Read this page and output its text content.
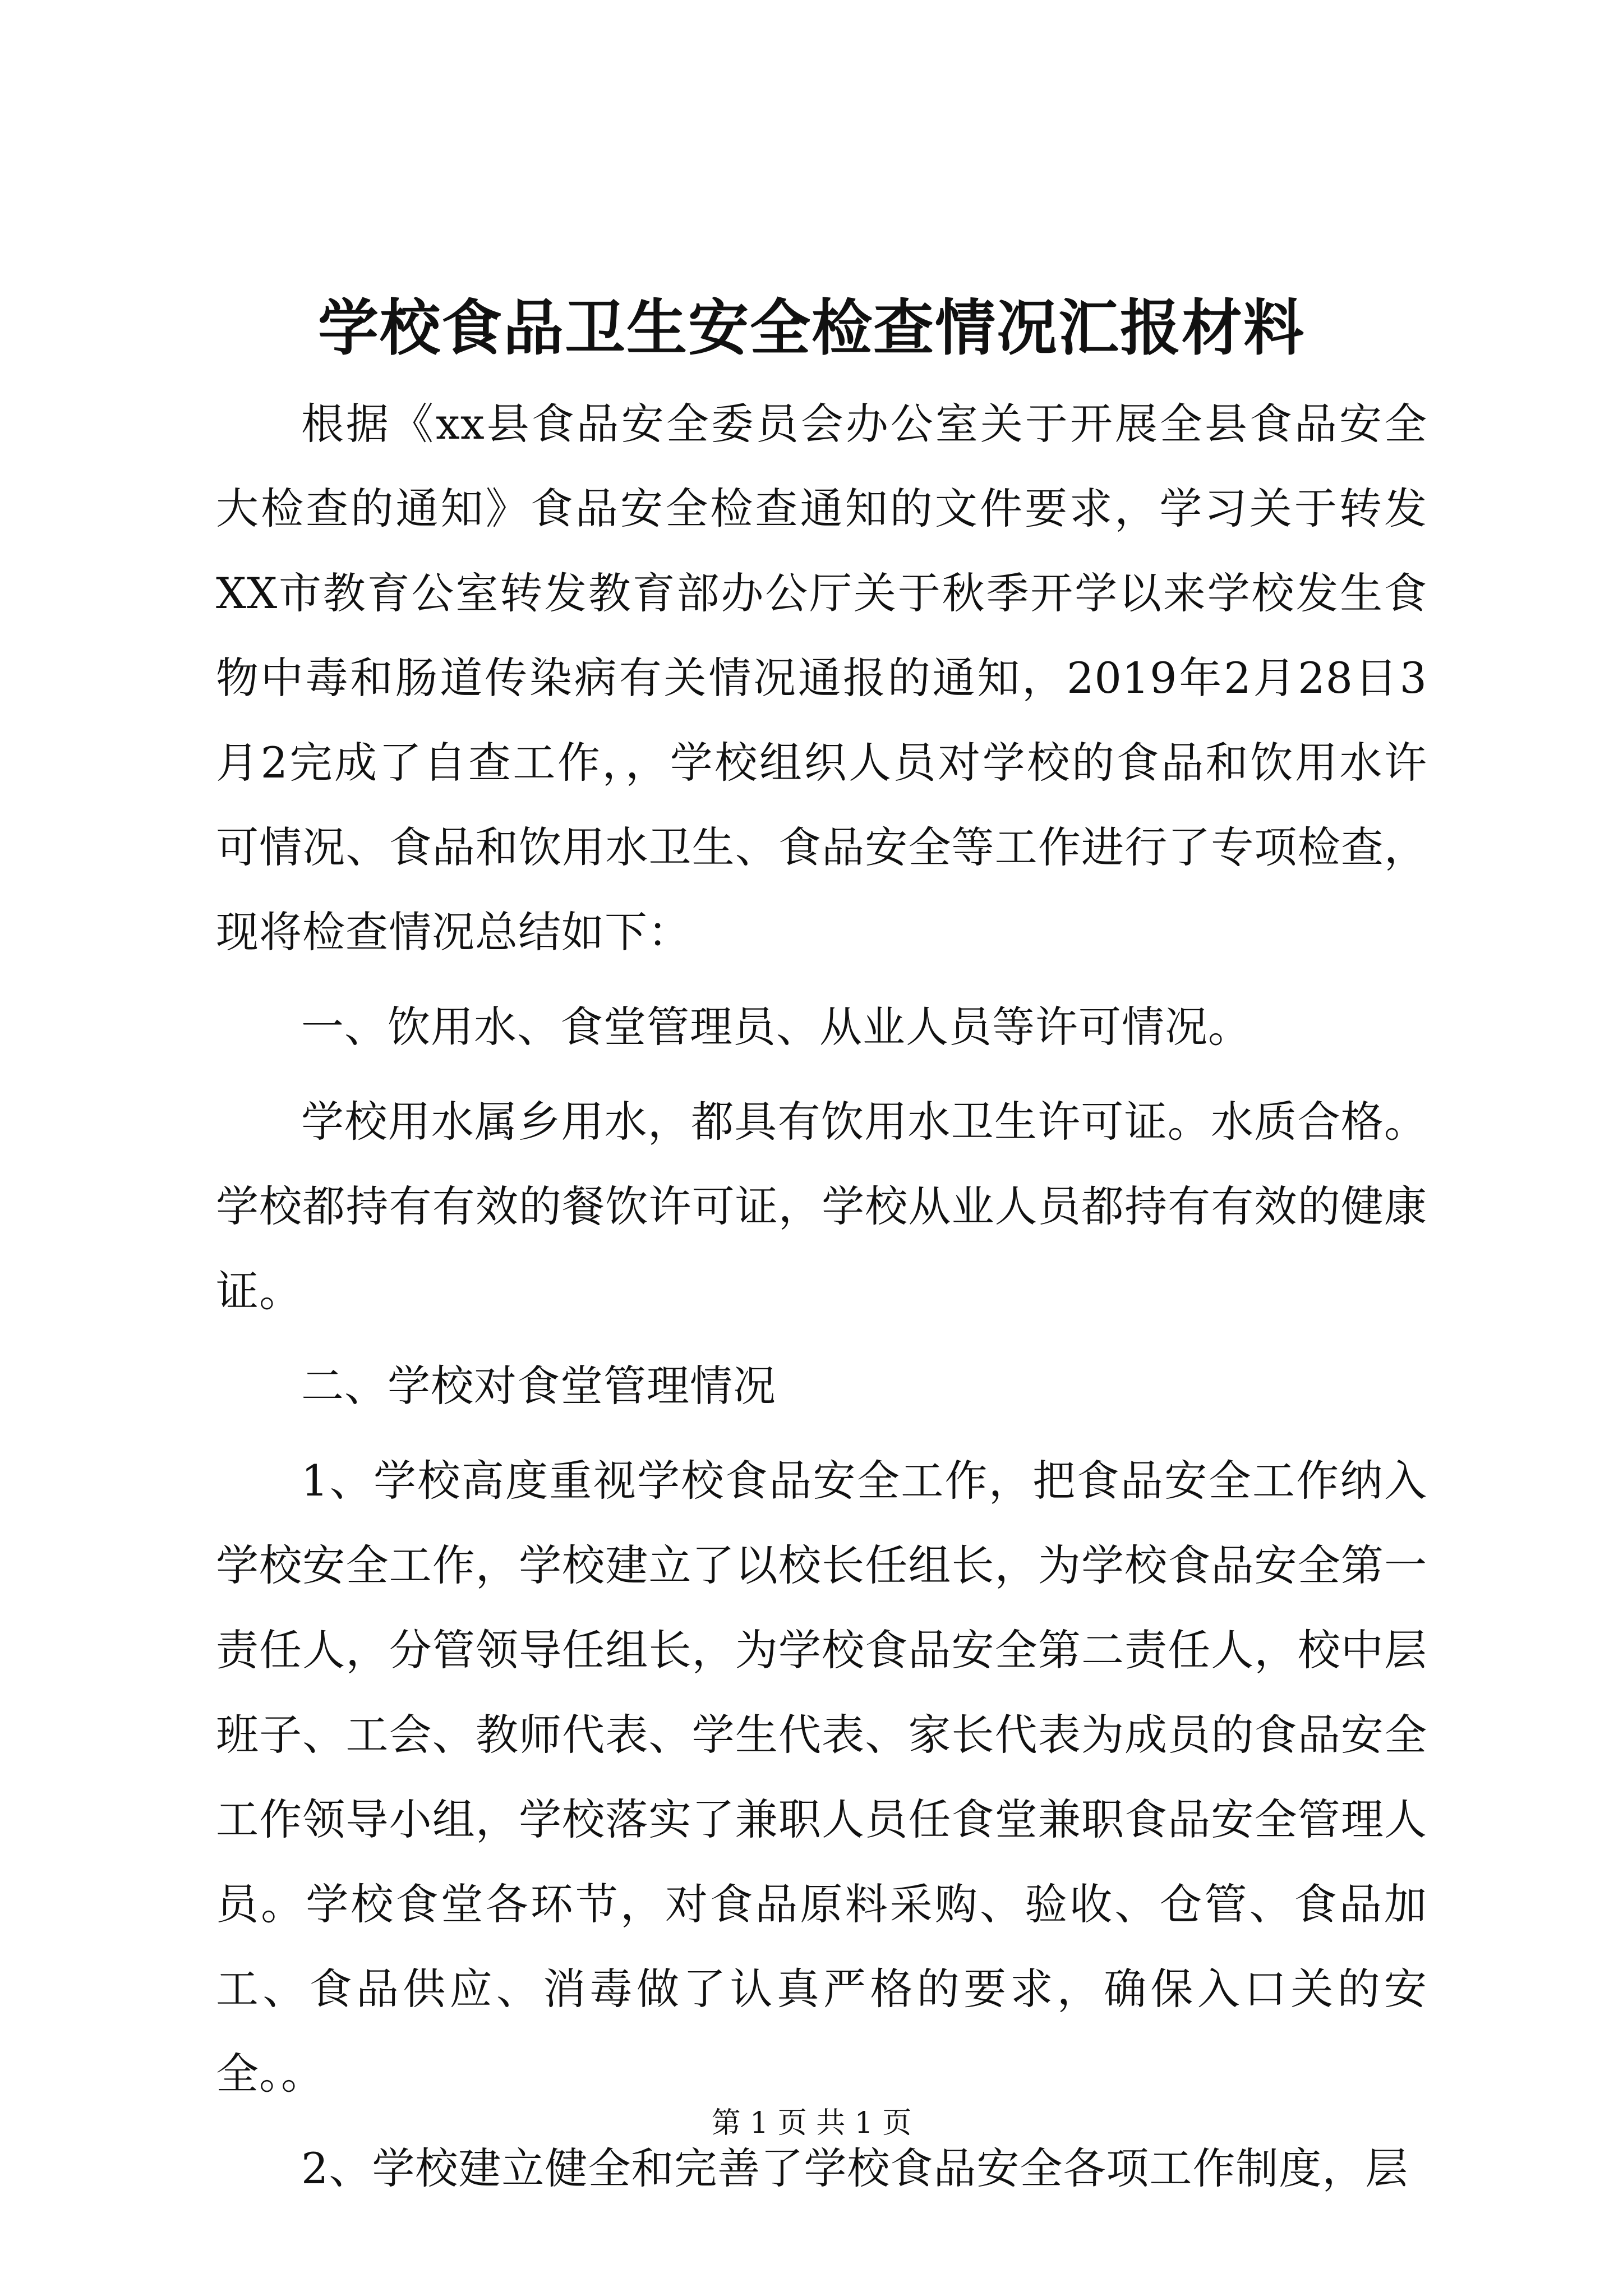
学校食品卫生安全检查情况汇报材料

根据《xx县食品安全委员会办公室关于开展全县食品安全大检查的通知》食品安全检查通知的文件要求，学习关于转发XX市教育公室转发教育部办公厅关于秋季开学以来学校发生食物中毒和肠道传染病有关情况通报的通知，2019年2月28日3月2完成了自查工作，，学校组织人员对学校的食品和饮用水许可情况、食品和饮用水卫生、食品安全等工作进行了专项检查，现将检查情况总结如下：

一、饮用水、食堂管理员、从业人员等许可情况。

学校用水属乡用水，都具有饮用水卫生许可证。水质合格。学校都持有有效的餐饮许可证，学校从业人员都持有有效的健康证。

二、学校对食堂管理情况

1、学校高度重视学校食品安全工作，把食品安全工作纳入学校安全工作，学校建立了以校长任组长，为学校食品安全第一责任人，分管领导任组长，为学校食品安全第二责任人，校中层班子、工会、教师代表、学生代表、家长代表为成员的食品安全工作领导小组，学校落实了兼职人员任食堂兼职食品安全管理人员。学校食堂各环节，对食品原料采购、验收、仓管、食品加工、食品供应、消毒做了认真严格的要求，确保入口关的安全。。

2、学校建立健全和完善了学校食品安全各项工作制度，层

第 1 页 共 1 页
